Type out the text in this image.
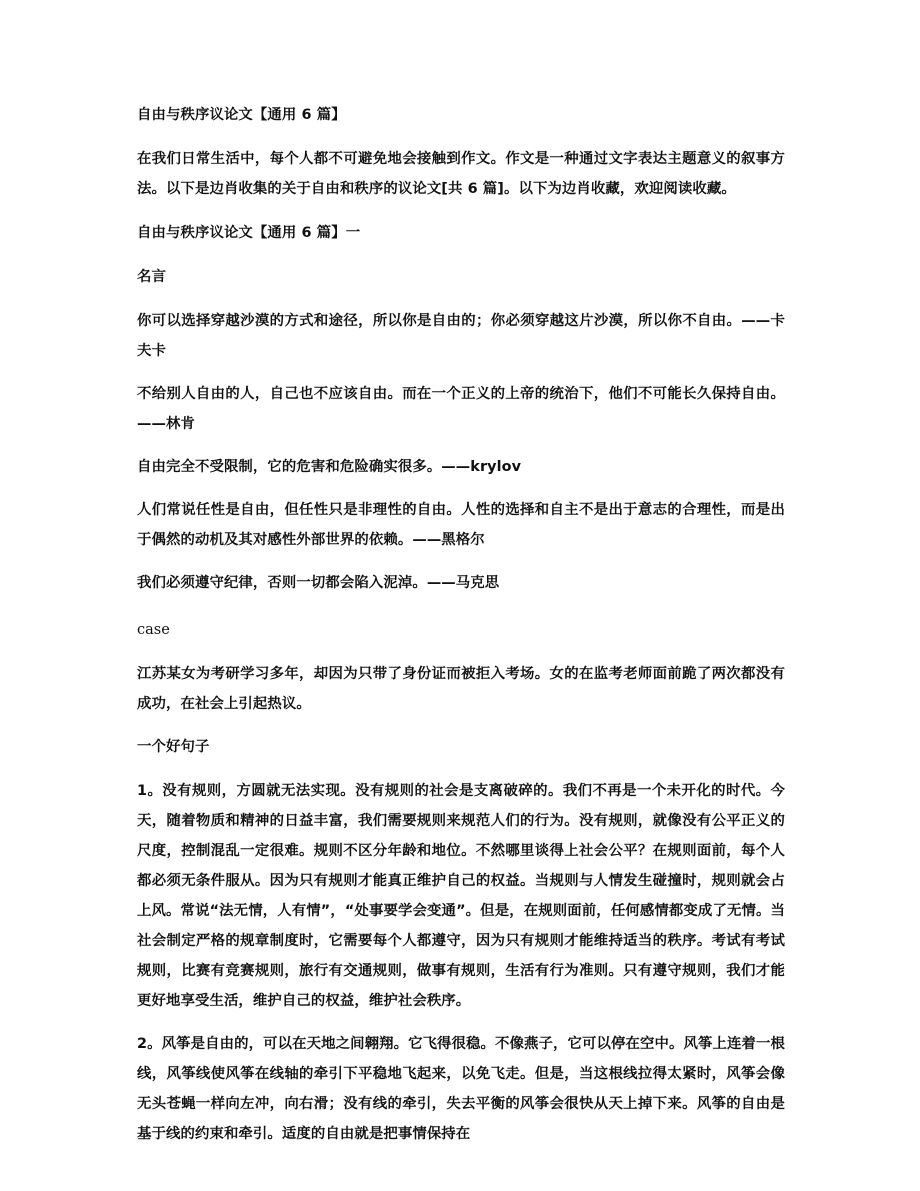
自由与秩序议论文【通用 6 篇】
在我们日常生活中，每个人都不可避免地会接触到作文。作文是一种通过文字表达主题意义的叙事方法。以下是边肖收集的关于自由和秩序的议论文[共 6 篇]。以下为边肖收藏，欢迎阅读收藏。
自由与秩序议论文【通用 6 篇】一
名言
你可以选择穿越沙漠的方式和途径，所以你是自由的；你必须穿越这片沙漠，所以你不自由。——卡夫卡
不给别人自由的人，自己也不应该自由。而在一个正义的上帝的统治下，他们不可能长久保持自由。——林肯
自由完全不受限制，它的危害和危险确实很多。——krylov
人们常说任性是自由，但任性只是非理性的自由。人性的选择和自主不是出于意志的合理性，而是出于偶然的动机及其对感性外部世界的依赖。——黑格尔
我们必须遵守纪律，否则一切都会陷入泥淖。——马克思
case
江苏某女为考研学习多年，却因为只带了身份证而被拒入考场。女的在监考老师面前跪了两次都没有成功，在社会上引起热议。
一个好句子
1。没有规则，方圆就无法实现。没有规则的社会是支离破碎的。我们不再是一个未开化的时代。今天，随着物质和精神的日益丰富，我们需要规则来规范人们的行为。没有规则，就像没有公平正义的尺度，控制混乱一定很难。规则不区分年龄和地位。不然哪里谈得上社会公平？在规则面前，每个人都必须无条件服从。因为只有规则才能真正维护自己的权益。当规则与人情发生碰撞时，规则就会占上风。常说“法无情，人有情”，“处事要学会变通”。但是，在规则面前，任何感情都变成了无情。当社会制定严格的规章制度时，它需要每个人都遵守，因为只有规则才能维持适当的秩序。考试有考试规则，比赛有竞赛规则，旅行有交通规则，做事有规则，生活有行为准则。只有遵守规则，我们才能更好地享受生活，维护自己的权益，维护社会秩序。
2。风筝是自由的，可以在天地之间翱翔。它飞得很稳。不像燕子，它可以停在空中。风筝上连着一根线，风筝线使风筝在线轴的牵引下平稳地飞起来，以免飞走。但是，当这根线拉得太紧时，风筝会像无头苍蝇一样向左冲，向右滑；没有线的牵引，失去平衡的风筝会很快从天上掉下来。风筝的自由是基于线的约束和牵引。适度的自由就是把事情保持在
